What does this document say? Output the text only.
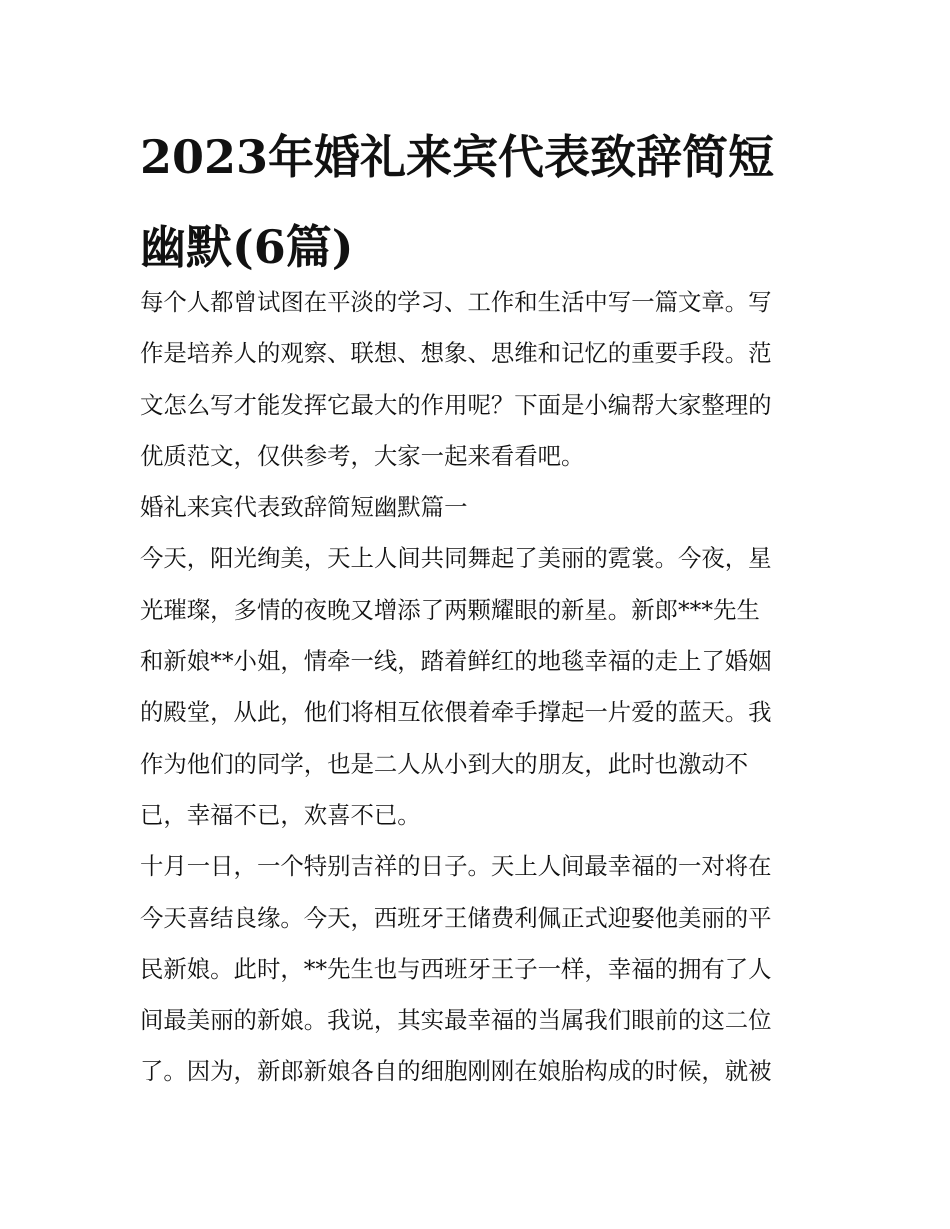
2023年婚礼来宾代表致辞简短
幽默(6篇)
每个人都曾试图在平淡的学习、工作和生活中写一篇文章。写
作是培养人的观察、联想、想象、思维和记忆的重要手段。范
文怎么写才能发挥它最大的作用呢？下面是小编帮大家整理的
优质范文，仅供参考，大家一起来看看吧。
婚礼来宾代表致辞简短幽默篇一
今天，阳光绚美，天上人间共同舞起了美丽的霓裳。今夜，星
光璀璨，多情的夜晚又增添了两颗耀眼的新星。新郎***先生
和新娘**小姐，情牵一线，踏着鲜红的地毯幸福的走上了婚姻
的殿堂，从此，他们将相互依偎着牵手撑起一片爱的蓝天。我
作为他们的同学，也是二人从小到大的朋友，此时也激动不
已，幸福不已，欢喜不已。
十月一日，一个特别吉祥的日子。天上人间最幸福的一对将在
今天喜结良缘。今天，西班牙王储费利佩正式迎娶他美丽的平
民新娘。此时，**先生也与西班牙王子一样，幸福的拥有了人
间最美丽的新娘。我说，其实最幸福的当属我们眼前的这二位
了。因为，新郎新娘各自的细胞刚刚在娘胎构成的时候，就被
